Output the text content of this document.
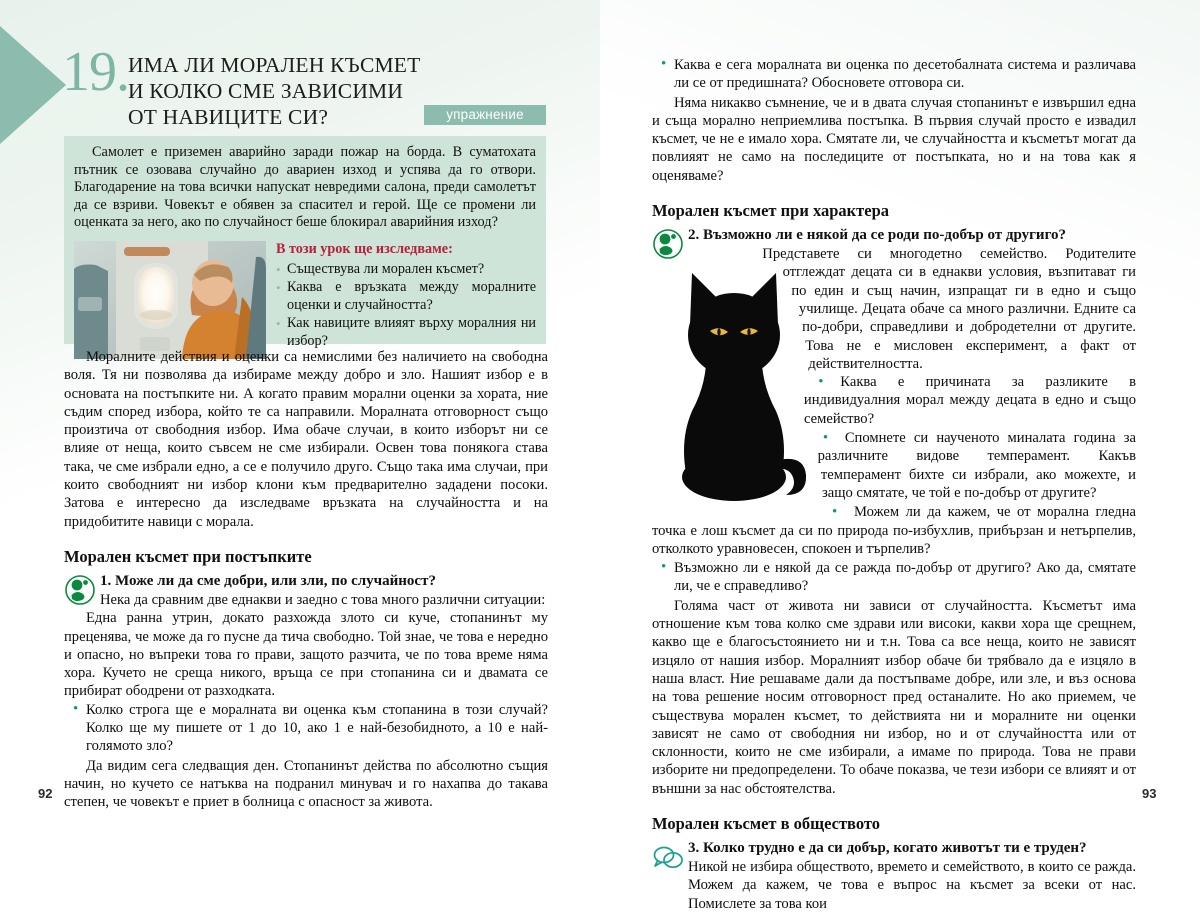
19. ИМА ЛИ МОРАЛЕН КЪСМЕТ
И КОЛКО СМЕ ЗАВИСИМИ
ОТ НАВИЦИТЕ СИ?	упражнение

Самолет е приземен аварийно заради пожар на борда. В суматохата пътник се озовава случайно до авариен изход и успява да го отвори. Благодарение на това всички напускат невредими салона, преди самолетът да се взриви. Човекът е обявен за спасител и герой. Ще се промени ли оценката за него, ако по случайност беше блокирал аварийния изход?

В този урок ще изследваме:

• Съществува ли морален късмет?

• Каква е връзката между моралните оценки и случайността?

• Как навиците влияят върху моралния ни избор?

Моралните действия и оценки са немислими без наличието на свободна воля. Тя ни позволява да избираме между добро и зло. Нашият избор е в основата на постъпките ни. А когато правим морални оценки за хората, ние съдим според избора, който те са направили. Моралната отговорност също произтича от свободния избор. Има обаче случаи, в които изборът ни се влияе от неща, които съвсем не сме избирали. Освен това понякога става така, че сме избрали едно, а се е получило друго. Също така има случаи, при които свободният ни избор клони към предварително зададени посоки. Затова е интересно да изследваме връзката на случайността и на придобитите навици с морала.

Морален късмет при постъпките
1. Може ли да сме добри, или зли, по случайност?

Нека да сравним две еднакви и заедно с това много различни ситуации:

Една ранна утрин, докато разхожда злото си куче, стопанинът му преценява, че може да го пусне да тича свободно. Той знае, че това е нередно и опасно, но въпреки това го прави, защото разчита, че по това време няма хора. Кучето не среща никого, връща се при стопанина си и двамата се прибират ободрени от разходката.

• Колко строга ще е моралната ви оценка към стопанина в този случай? Колко ще му пишете от 1 до 10, ако 1 е най-безобидното, а 10 е най-голямото зло?

Да видим сега следващия ден. Стопанинът действа по абсолютно същия начин, но кучето се натъква на подранил минувач и го нахапва до такава степен, че човекът е приет в болница с опасност за живота.

• Каква е сега моралната ви оценка по десетобалната система и различава ли се от предишната? Обосновете отговора си.

Няма никакво съмнение, че и в двата случая стопанинът е извършил една и съща морално неприемлива постъпка. В първия случай просто е извадил късмет, че не е имало хора. Смятате ли, че случайността и късметът могат да повлияят не само на последиците от постъпката, но и на това как я оценяваме?

Морален късмет при характера
2. Възможно ли е някой да се роди по-добър от другиго?

Представете си многодетно семейство. Родителите отглеждат децата си в еднакви условия, възпитават ги по един и същ начин, изпращат ги в едно и също училище. Децата обаче са много различни. Едните са по-добри, справедливи и добродетелни от другите. Това не е мисловен експеримент, а факт от действителността.

• Каква е причината за разликите в индивидуалния морал между децата в едно и също семейство?
• Спомнете си наученото миналата година за различните видове темперамент. Какъв темперамент бихте си избрали, ако можехте, и защо смятате, че той е по-добър от другите?
• Можем ли да кажем, че от морална гледна точка е лош късмет да си по природа по-избухлив, прибързан и нетърпелив, отколкото уравновесен, спокоен и търпелив?
• Възможно ли е някой да се ражда по-добър от другиго? Ако да, смятате ли, че е справедливо?

Голяма част от живота ни зависи от случайността. Късметът има отношение към това колко сме здрави или високи, какви хора ще срещнем, какво ще е благосъстоянието ни и т.н. Това са все неща, които не зависят изцяло от нашия избор. Моралният избор обаче би трябвало да е изцяло в наша власт. Ние решаваме дали да постъпваме добре, или зле, и въз основа на това решение носим отговорност пред останалите. Но ако приемем, че съществува морален късмет, то действията ни и моралните ни оценки зависят не само от свободния ни избор, но и от случайността или от склонности, които не сме избирали, а имаме по природа. Това не прави изборите ни предопределени. То обаче показва, че тези избори се влияят и от външни за нас обстоятелства.

Морален късмет в обществото
3. Колко трудно е да си добър, когато животът ти е труден?

Никой не избира обществото, времето и семейството, в които се ражда. Можем да кажем, че това е въпрос на късмет за всеки от нас. Помислете за това кои

92	93
